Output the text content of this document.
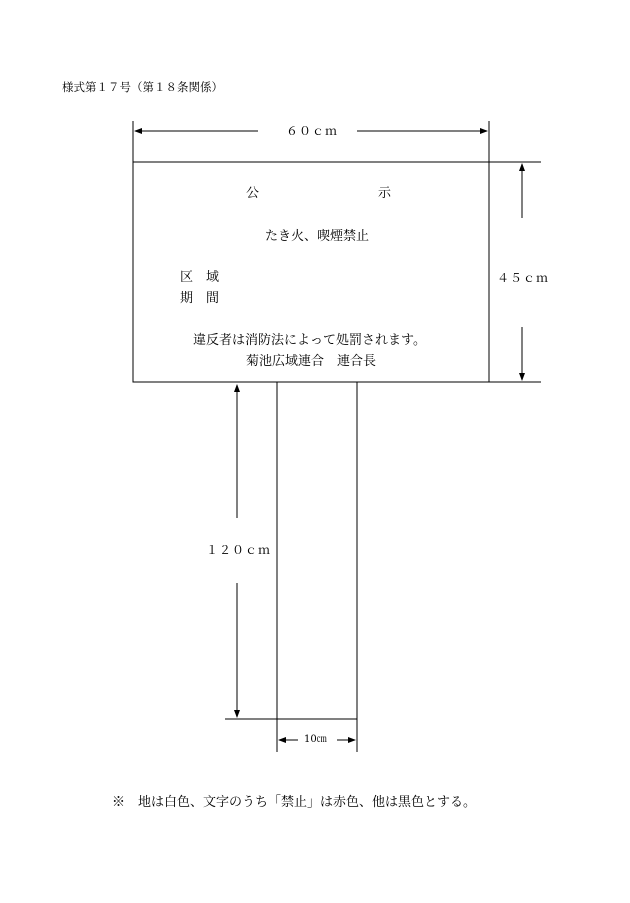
様式第１７号（第１８条関係）
６０ｃｍ
４５ｃｍ
１２０ｃｍ
10㎝
公	示
たき火、喫煙禁止
区　域
期　間
違反者は消防法によって処罰されます。
菊池広域連合　連合長
※　地は白色、文字のうち「禁止」は赤色、他は黒色とする。
